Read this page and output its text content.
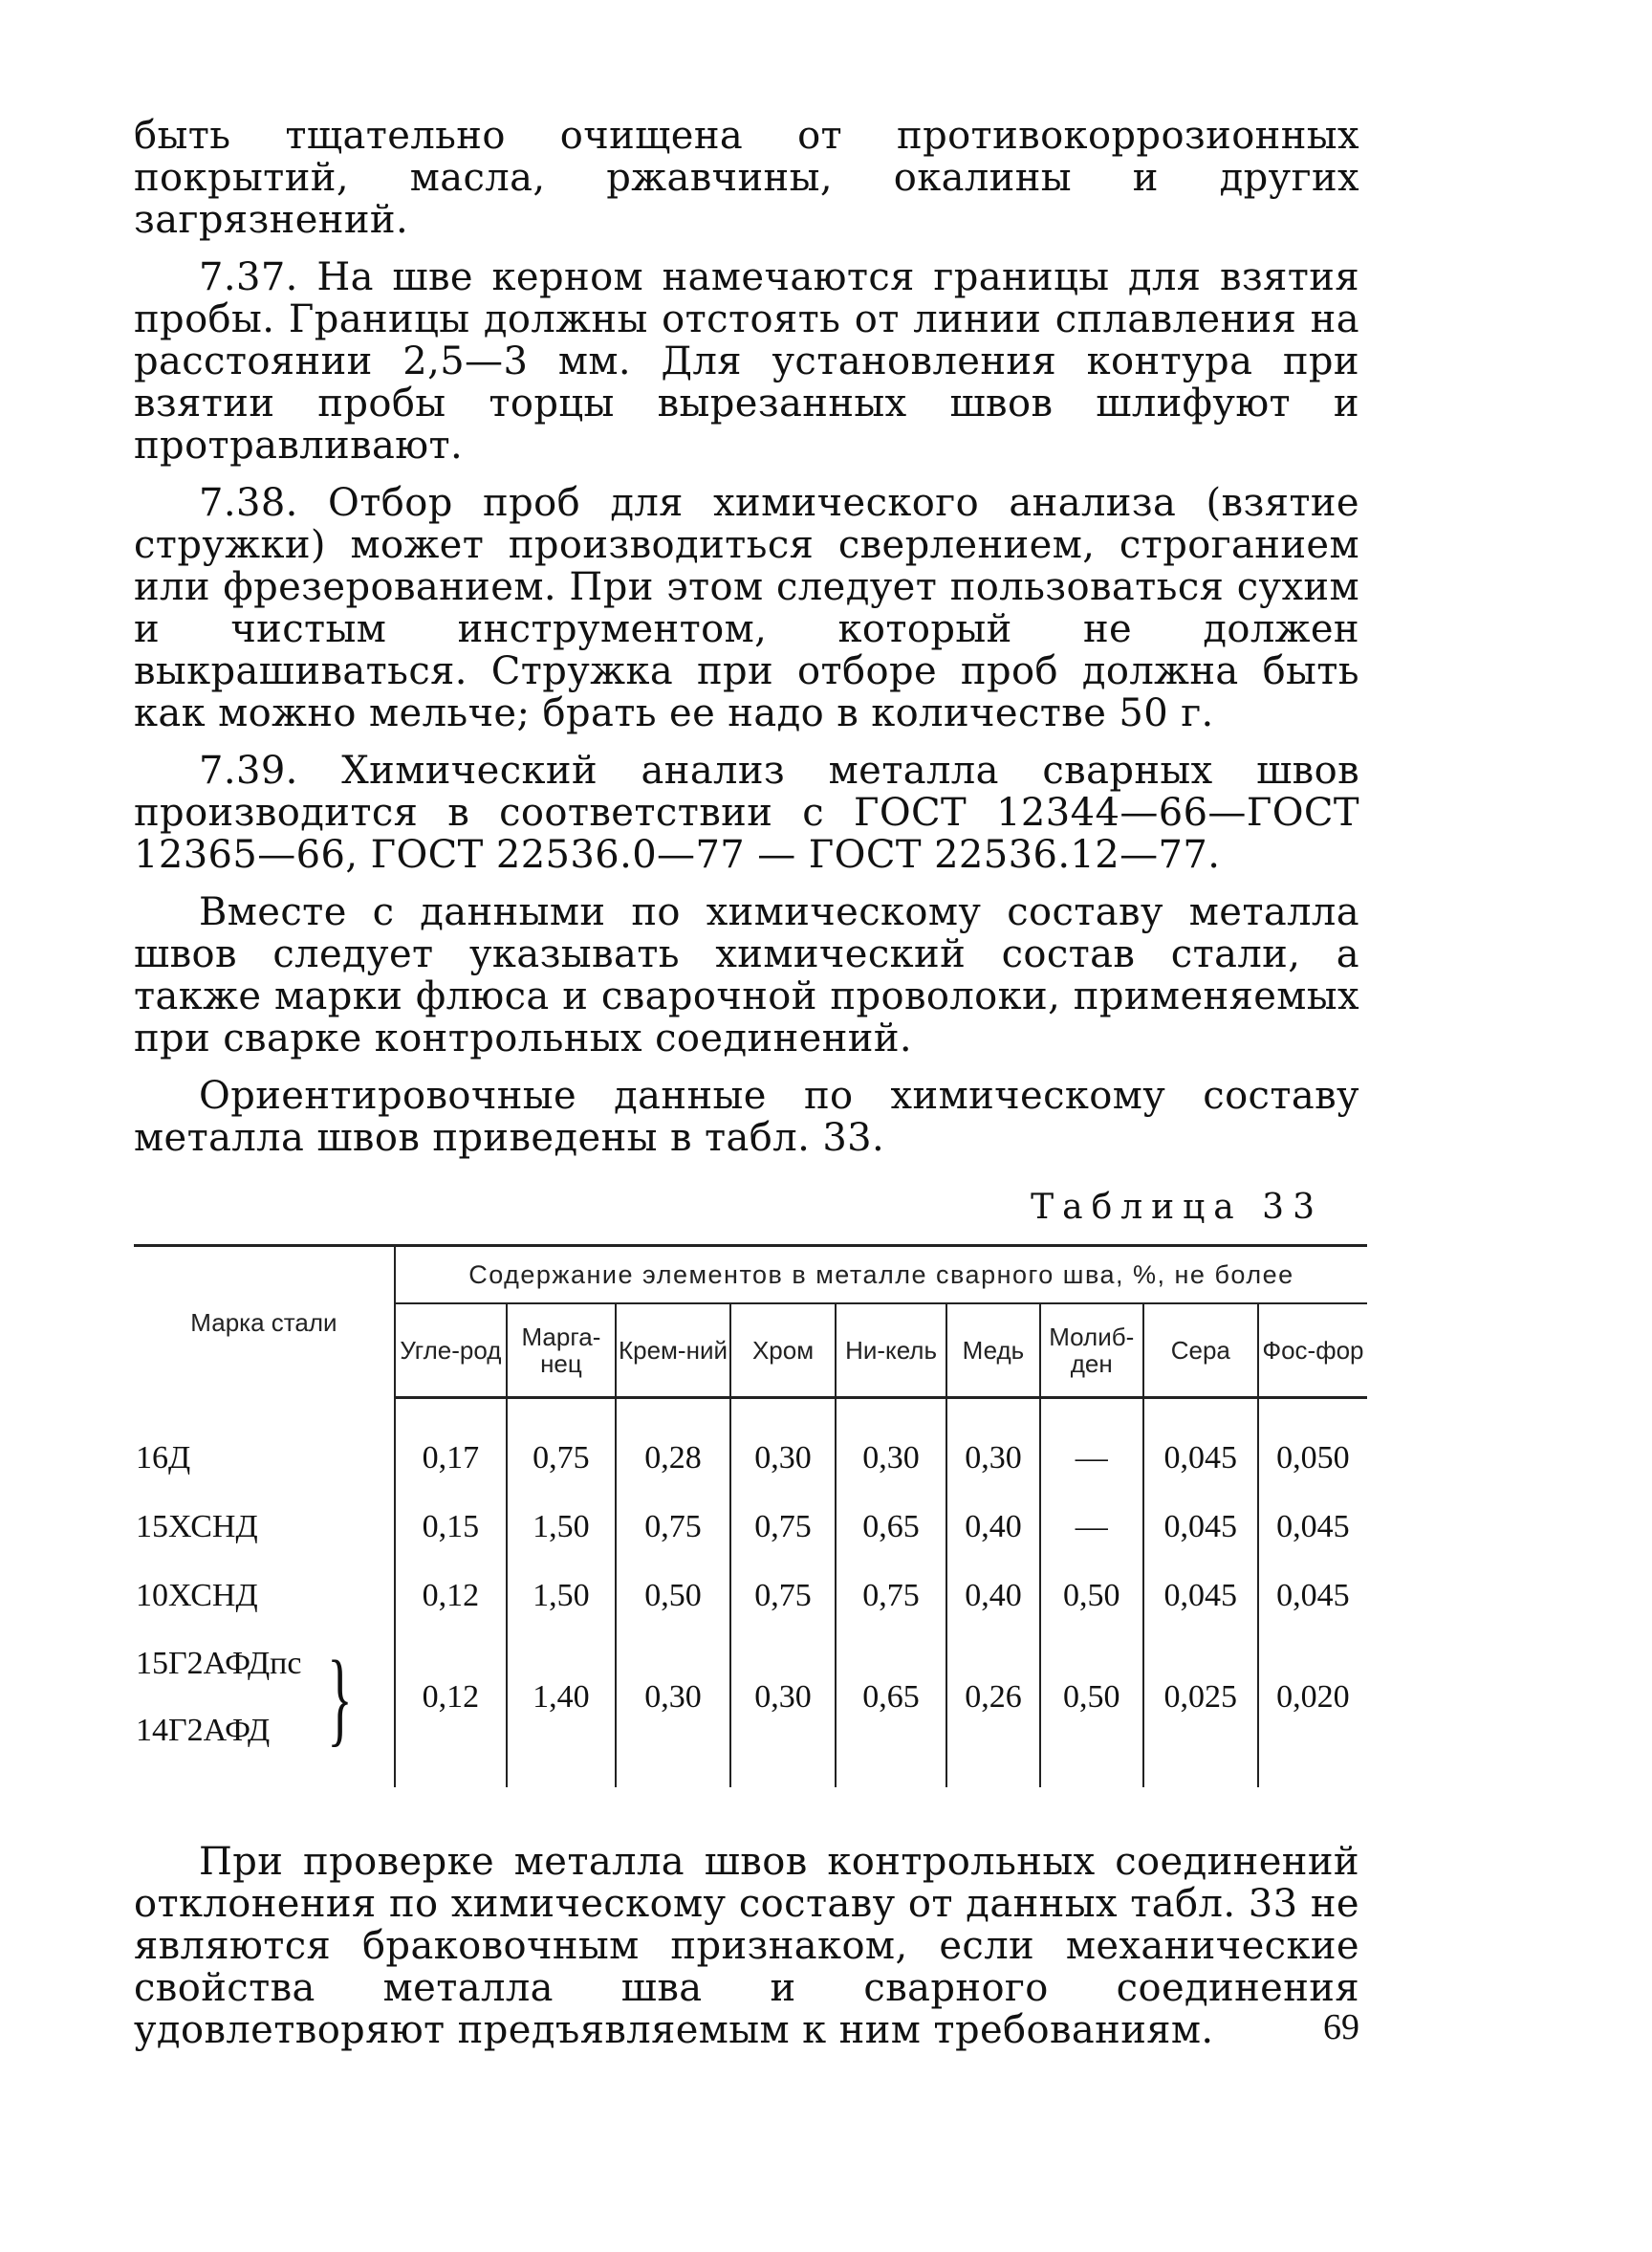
быть тщательно очищена от противокоррозионных покрытий, масла, ржавчины, окалины и других загрязнений.

7.37. На шве керном намечаются границы для взятия пробы. Границы должны отстоять от линии сплавления на расстоянии 2,5—3 мм. Для установления контура при взятии пробы торцы вырезанных швов шлифуют и протравливают.

7.38. Отбор проб для химического анализа (взятие стружки) может производиться сверлением, строганием или фрезерованием. При этом следует пользоваться сухим и чистым инструментом, который не должен выкрашиваться. Стружка при отборе проб должна быть как можно мельче; брать ее надо в количестве 50 г.

7.39. Химический анализ металла сварных швов производится в соответствии с ГОСТ 12344—66—ГОСТ 12365—66, ГОСТ 22536.0—77 — ГОСТ 22536.12—77.

Вместе с данными по химическому составу металла швов следует указывать химический состав стали, а также марки флюса и сварочной проволоки, применяемых при сварке контрольных соединений.

Ориентировочные данные по химическому составу металла швов приведены в табл. 33.

Таблица 33
Марка стали	Содержание элементов в металле сварного шва, %, не более								
	Угле-род	Марга-нец	Крем-ний	Хром	Ни-кель	Медь	Молиб-ден	Сера	Фос-фор

16Д	0,17	0,75	0,28	0,30	0,30	0,30	—	0,045	0,050
15ХСНД	0,15	1,50	0,75	0,75	0,65	0,40	—	0,045	0,045
10ХСНД	0,12	1,50	0,50	0,75	0,75	0,40	0,50	0,045	0,045

15Г2АФДпс
14Г2АФД }	0,12	1,40	0,30	0,30	0,65	0,26	0,50	0,025	0,020

При проверке металла швов контрольных соединений отклонения по химическому составу от данных табл. 33 не являются браковочным признаком, если механические свойства металла шва и сварного соединения удовлетворяют предъявляемым к ним требованиям.	69
